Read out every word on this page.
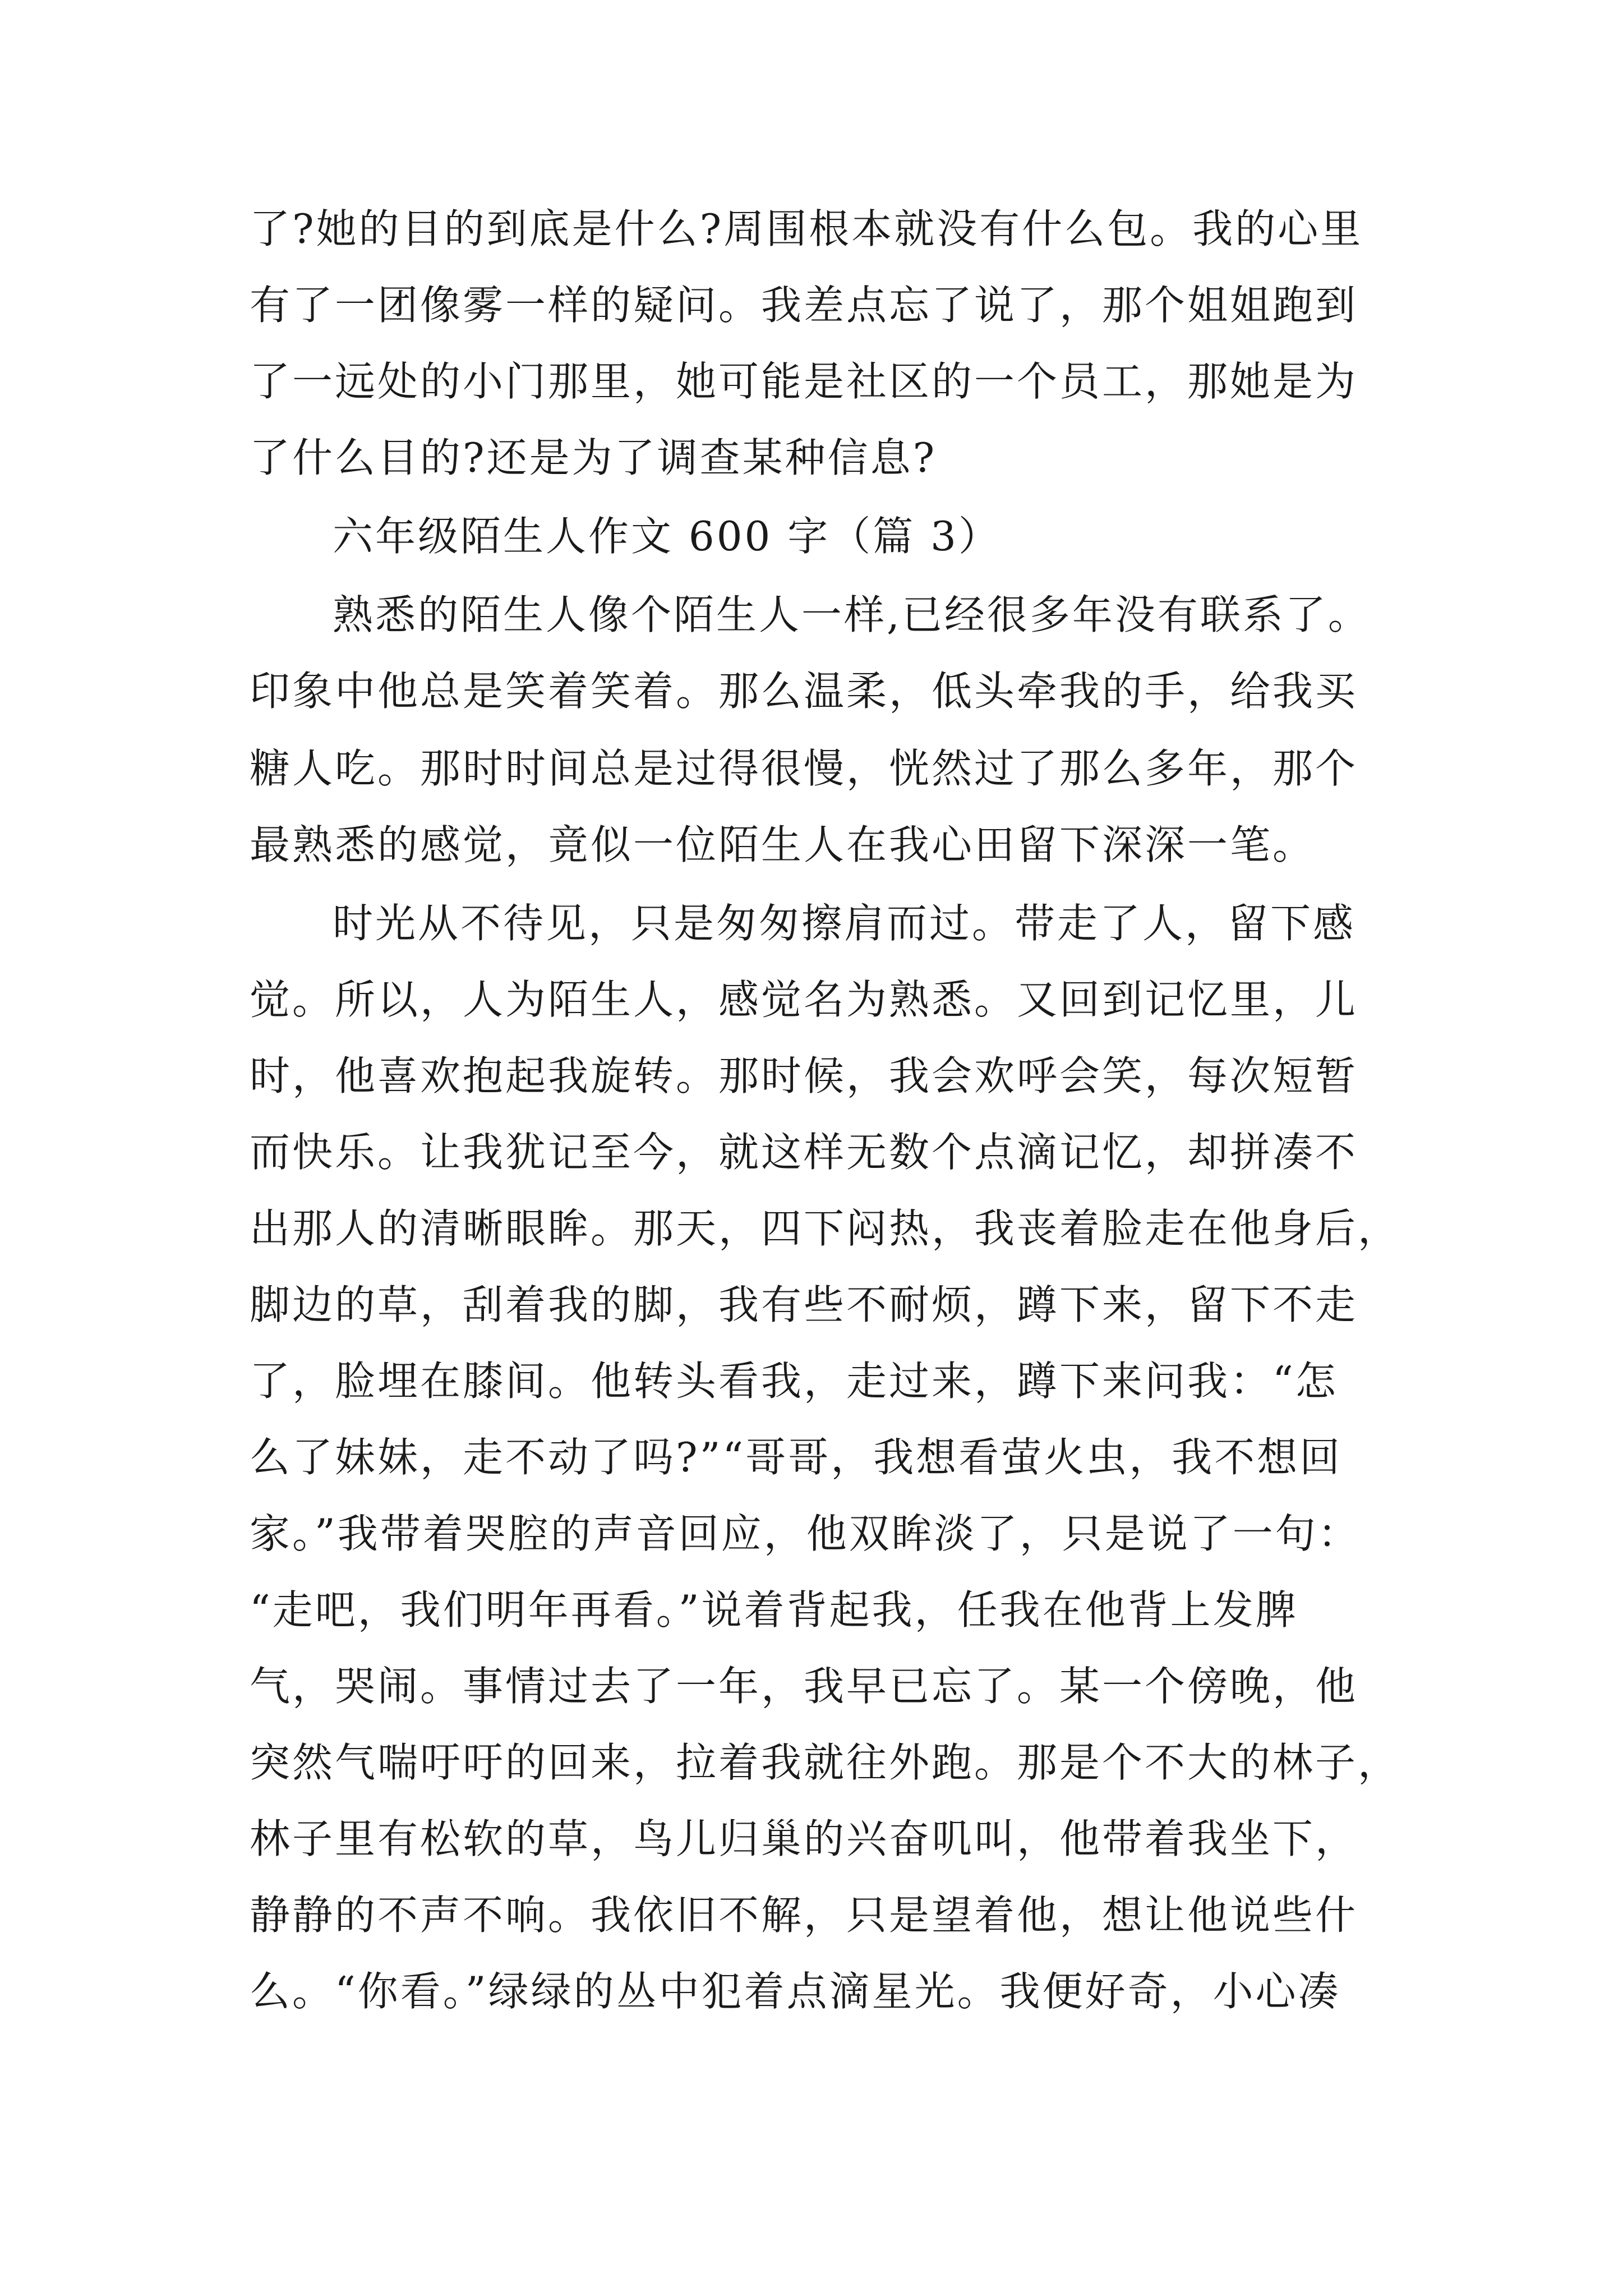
了?她的目的到底是什么?周围根本就没有什么包。我的心里
有了一团像雾一样的疑问。我差点忘了说了，那个姐姐跑到
了一远处的小门那里，她可能是社区的一个员工，那她是为
了什么目的?还是为了调查某种信息?
六年级陌生人作文 600 字（篇 3）
熟悉的陌生人像个陌生人一样,已经很多年没有联系了。
印象中他总是笑着笑着。那么温柔，低头牵我的手，给我买
糖人吃。那时时间总是过得很慢，恍然过了那么多年，那个
最熟悉的感觉，竟似一位陌生人在我心田留下深深一笔。
时光从不待见，只是匆匆擦肩而过。带走了人，留下感
觉。所以，人为陌生人，感觉名为熟悉。又回到记忆里，儿
时，他喜欢抱起我旋转。那时候，我会欢呼会笑，每次短暂
而快乐。让我犹记至今，就这样无数个点滴记忆，却拼凑不
出那人的清晰眼眸。那天，四下闷热，我丧着脸走在他身后，
脚边的草，刮着我的脚，我有些不耐烦，蹲下来，留下不走
了，脸埋在膝间。他转头看我，走过来，蹲下来问我：“怎
么了妹妹，走不动了吗?”“哥哥，我想看萤火虫，我不想回
家。”我带着哭腔的声音回应，他双眸淡了，只是说了一句：
“走吧，我们明年再看。”说着背起我，任我在他背上发脾
气，哭闹。事情过去了一年，我早已忘了。某一个傍晚，他
突然气喘吁吁的回来，拉着我就往外跑。那是个不大的林子，
林子里有松软的草，鸟儿归巢的兴奋叽叫，他带着我坐下，
静静的不声不响。我依旧不解，只是望着他，想让他说些什
么。“你看。”绿绿的丛中犯着点滴星光。我便好奇，小心凑
